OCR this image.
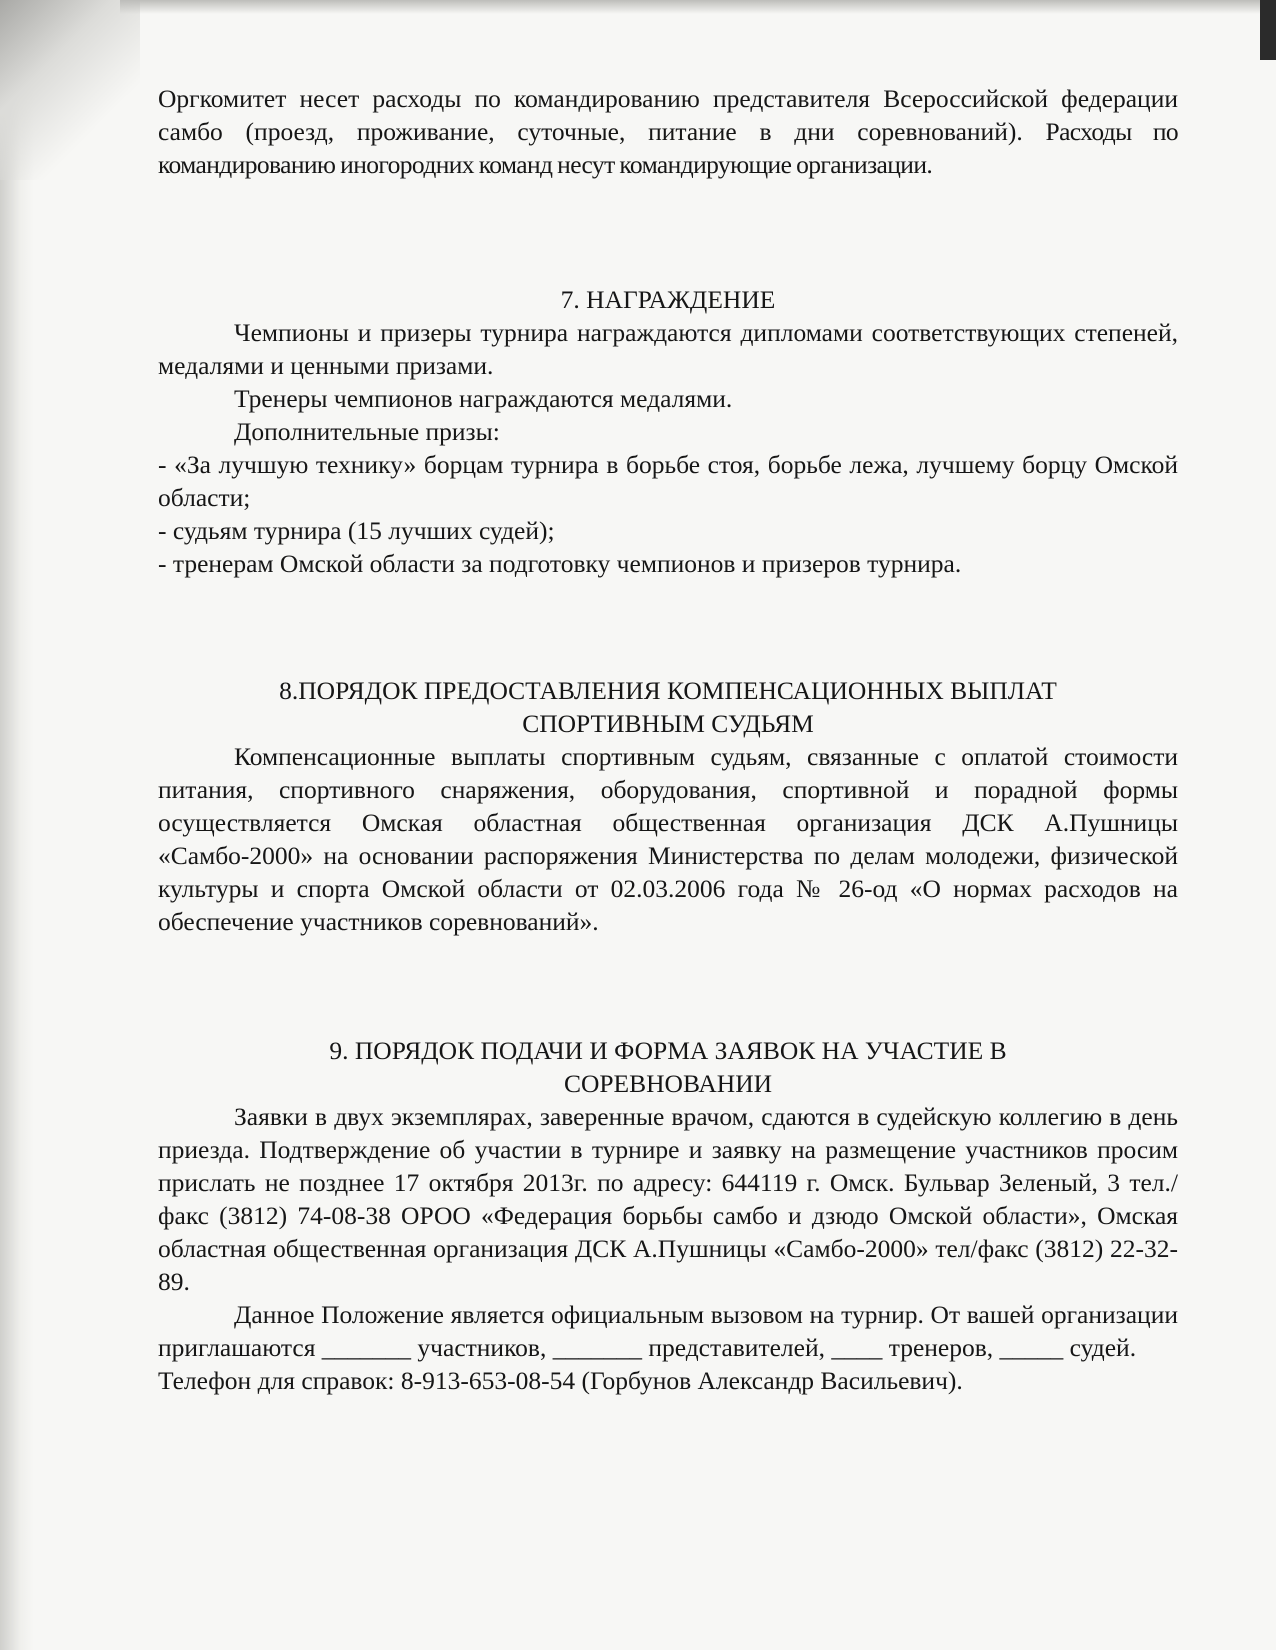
Оргкомитет несет расходы по командированию представителя Всероссийской федерации самбо (проезд, проживание, суточные, питание в дни соревнований). Расходы по командированию иногородних команд несут командирующие организации.

7. НАГРАЖДЕНИЕ

Чемпионы и призеры турнира награждаются дипломами соответствующих степеней, медалями и ценными призами.

Тренеры чемпионов награждаются медалями.

Дополнительные призы:

- «За лучшую технику» борцам турнира в борьбе стоя, борьбе лежа, лучшему борцу Омской области;

- судьям турнира (15 лучших судей);

- тренерам Омской области за подготовку чемпионов и призеров турнира.

8.ПОРЯДОК ПРЕДОСТАВЛЕНИЯ КОМПЕНСАЦИОННЫХ ВЫПЛАТ

СПОРТИВНЫМ СУДЬЯМ

Компенсационные выплаты спортивным судьям, связанные с оплатой стоимости питания, спортивного снаряжения, оборудования, спортивной и порадной формы осуществляется Омская областная общественная организация ДСК А.Пушницы «Самбо-2000» на основании распоряжения Министерства по делам молодежи, физической культуры и спорта Омской области от 02.03.2006 года № 26-од «О нормах расходов на обеспечение участников соревнований».

9. ПОРЯДОК ПОДАЧИ И ФОРМА ЗАЯВОК НА УЧАСТИЕ В

СОРЕВНОВАНИИ

Заявки в двух экземплярах, заверенные врачом, сдаются в судейскую коллегию в день приезда. Подтверждение об участии в турнире и заявку на размещение участников просим прислать не позднее 17 октября 2013г. по адресу: 644119 г. Омск. Бульвар Зеленый, 3 тел./факс (3812) 74-08-38 ОРОО «Федерация борьбы самбо и дзюдо Омской области», Омская областная общественная организация ДСК А.Пушницы «Самбо-2000» тел/факс (3812) 22-32-89.

Данное Положение является официальным вызовом на турнир. От вашей организации приглашаются _______ участников, _______ представителей, ____ тренеров, _____ судей.

Телефон для справок: 8-913-653-08-54 (Горбунов Александр Васильевич).
